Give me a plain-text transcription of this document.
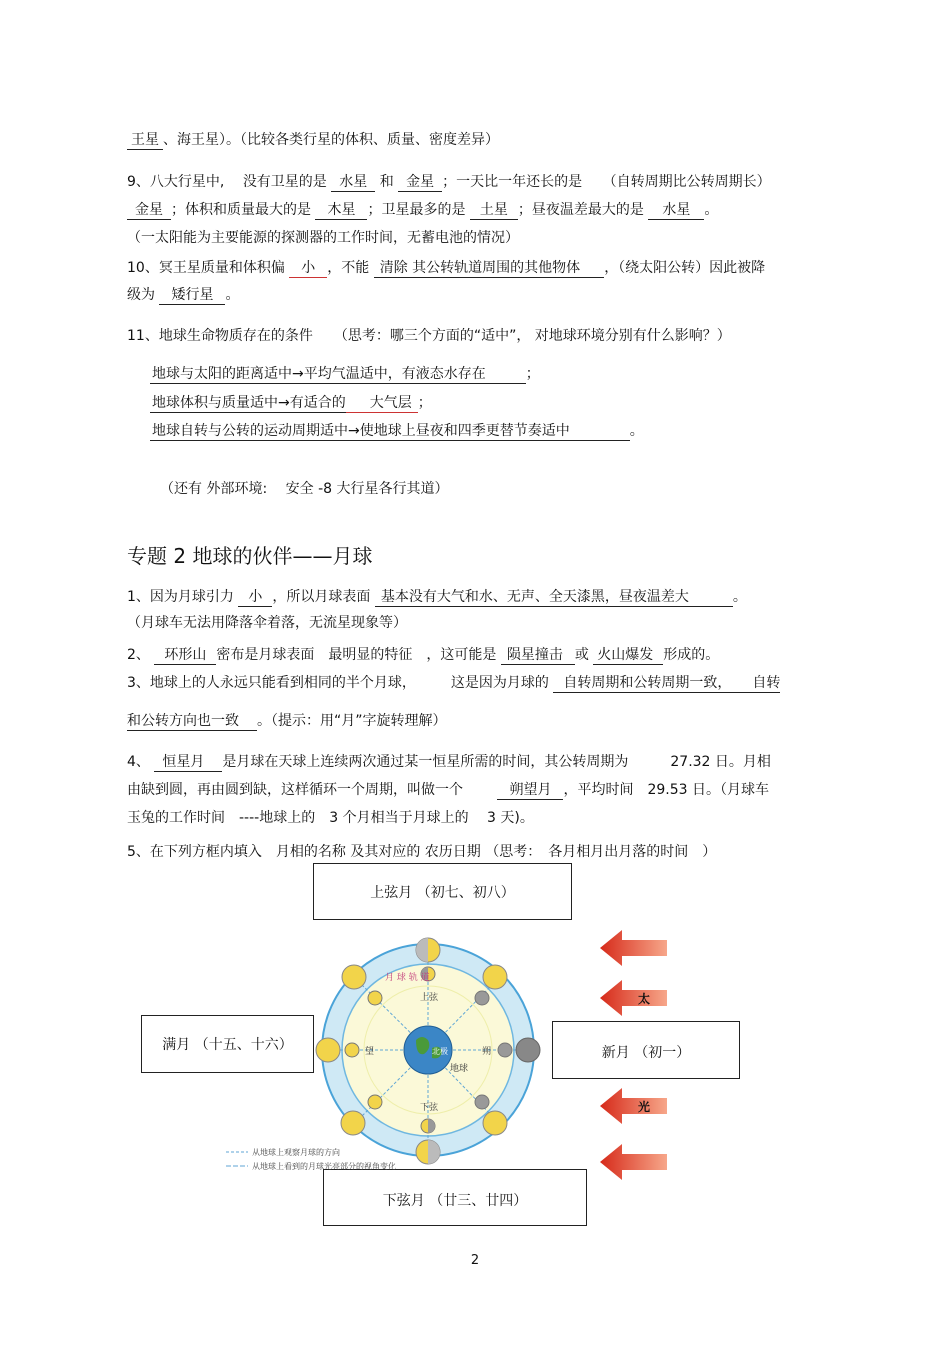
王星 、海王星）。（比较各类行星的体积、质量、密度差异）
9、八大行星中, 没有卫星的是 水星 和 金星 ；一天比一年还长的是 （自转周期比公转周期长）
金星 ；体积和质量最大的是 木星 ；卫星最多的是 土星 ；昼夜温差最大的是 水星 。
（一太阳能为主要能源的探测器的工作时间，无蓄电池的情况）
10、冥王星质量和体积偏 小 ，不能 清除 其公转轨道周围的其他物体 ，（绕太阳公转）因此被降
级为 矮行星 。
11、地球生命物质存在的条件　　（思考：哪三个方面的“适中”， 对地球环境分别有什么影响？）
地球与太阳的距离适中→平均气温适中，有液态水存在	；
地球体积与质量适中→有适合的 大气层 ；
地球自转与公转的运动周期适中→使地球上昼夜和四季更替节奏适中	。
（还有 外部环境:　 安全 -8 大行星各行其道）
专题 2 地球的伙伴——月球
1、因为月球引力 小 ，所以月球表面 基本没有大气和水、无声、全天漆黑，昼夜温差大	。
（月球车无法用降落伞着落，无流星现象等）
2、 环形山 密布是月球表面　最明显的特征　，这可能是 陨星撞击 或 火山爆发 形成的。
3、地球上的人永远只能看到相同的半个月球，　　　这是因为月球的 自转周期和公转周期一致，　　自转
和公转方向也一致 。（提示：用“月”字旋转理解）
4、 恒星月 是月球在天球上连续两次通过某一恒星所需的时间，其公转周期为　　　27.32 日。月相
由缺到圆，再由圆到缺，这样循环一个周期，叫做一个	朔望月 ，平均时间　29.53 日。（月球车
玉兔的工作时间　----地球上的　3 个月相当于月球上的　 3 天)。
5、在下列方框内填入　月相的名称 及其对应的 农历日期 （思考：　各月相月出月落的时间　）
上弦月 （初七、初八）
满月 （十五、十六）	新月 （初一）
下弦月 （廿三、廿四）
月 球 轨 道
上弦
下弦
望	朔
北极
地球
从地球上观察月球的方向
从地球上看到的月球光亮部分的视角变化
太
光
2
